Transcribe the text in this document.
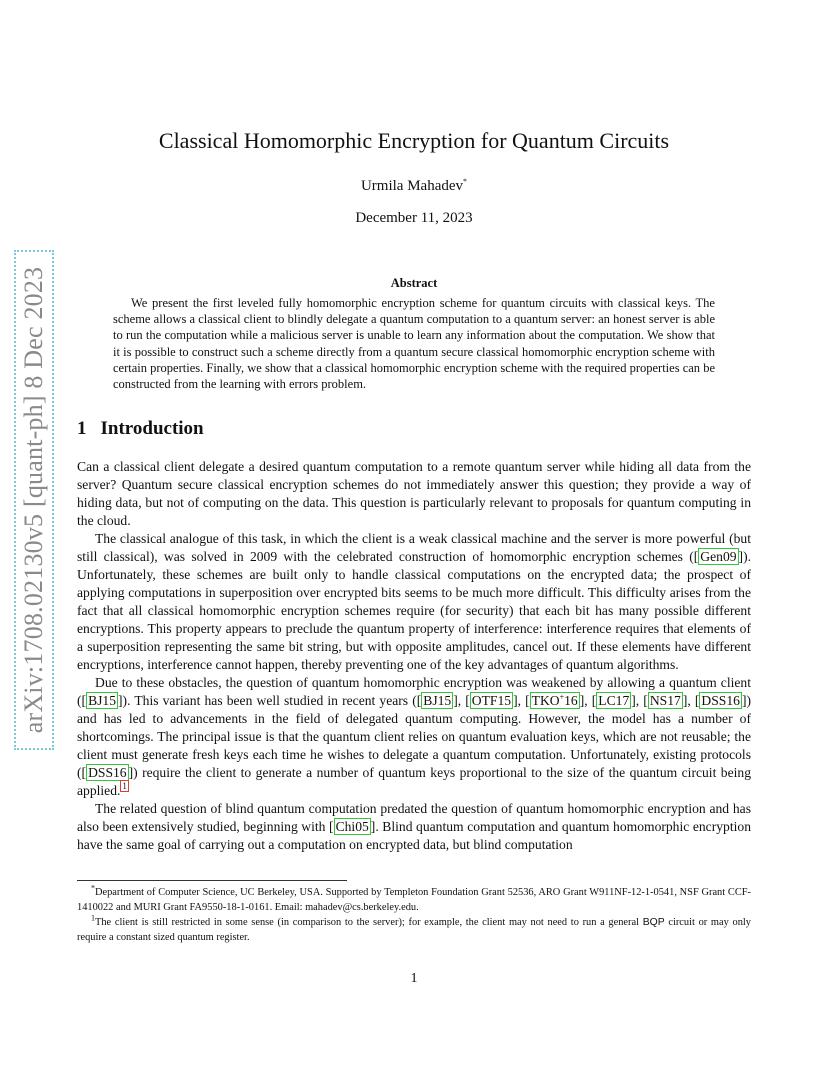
arXiv:1708.02130v5 [quant-ph] 8 Dec 2023
Classical Homomorphic Encryption for Quantum Circuits
Urmila Mahadev*
December 11, 2023
Abstract

We present the first leveled fully homomorphic encryption scheme for quantum circuits with classical keys. The scheme allows a classical client to blindly delegate a quantum computation to a quantum server: an honest server is able to run the computation while a malicious server is unable to learn any information about the computation. We show that it is possible to construct such a scheme directly from a quantum secure classical homomorphic encryption scheme with certain properties. Finally, we show that a classical homomorphic encryption scheme with the required properties can be constructed from the learning with errors problem.

1 Introduction

Can a classical client delegate a desired quantum computation to a remote quantum server while hiding all data from the server? Quantum secure classical encryption schemes do not immediately answer this question; they provide a way of hiding data, but not of computing on the data. This question is particularly relevant to proposals for quantum computing in the cloud.

The classical analogue of this task, in which the client is a weak classical machine and the server is more powerful (but still classical), was solved in 2009 with the celebrated construction of homomorphic encryption schemes ([ Gen09 ]). Unfortunately, these schemes are built only to handle classical computations on the encrypted data; the prospect of applying computations in superposition over encrypted bits seems to be much more difficult. This difficulty arises from the fact that all classical homomorphic encryption schemes require (for security) that each bit has many possible different encryptions. This property appears to preclude the quantum property of interference: interference requires that elements of a superposition representing the same bit string, but with opposite amplitudes, cancel out. If these elements have different encryptions, interference cannot happen, thereby preventing one of the key advantages of quantum algorithms.

Due to these obstacles, the question of quantum homomorphic encryption was weakened by allowing a quantum client ([ BJ15 ]). This variant has been well studied in recent years ([ BJ15 ], [ OTF15 ], [ TKO+16 ], [ LC17 ], [ NS17 ], [ DSS16 ]) and has led to advancements in the field of delegated quantum computing. However, the model has a number of shortcomings. The principal issue is that the quantum client relies on quantum evaluation keys, which are not reusable; the client must generate fresh keys each time he wishes to delegate a quantum computation. Unfortunately, existing protocols ([ DSS16 ]) require the client to generate a number of quantum keys proportional to the size of the quantum circuit being applied. $^1$

The related question of blind quantum computation predated the question of quantum homomorphic encryption and has also been extensively studied, beginning with [ Chi05 ]. Blind quantum computation and quantum homomorphic encryption have the same goal of carrying out a computation on encrypted data, but blind computation

*Department of Computer Science, UC Berkeley, USA. Supported by Templeton Foundation Grant 52536, ARO Grant W911NF-12-1-0541, NSF Grant CCF-1410022 and MURI Grant FA9550-18-1-0161. Email: mahadev@cs.berkeley.edu.

$^1$The client is still restricted in some sense (in comparison to the server); for example, the client may not need to run a general BQP circuit or may only require a constant sized quantum register.

1
